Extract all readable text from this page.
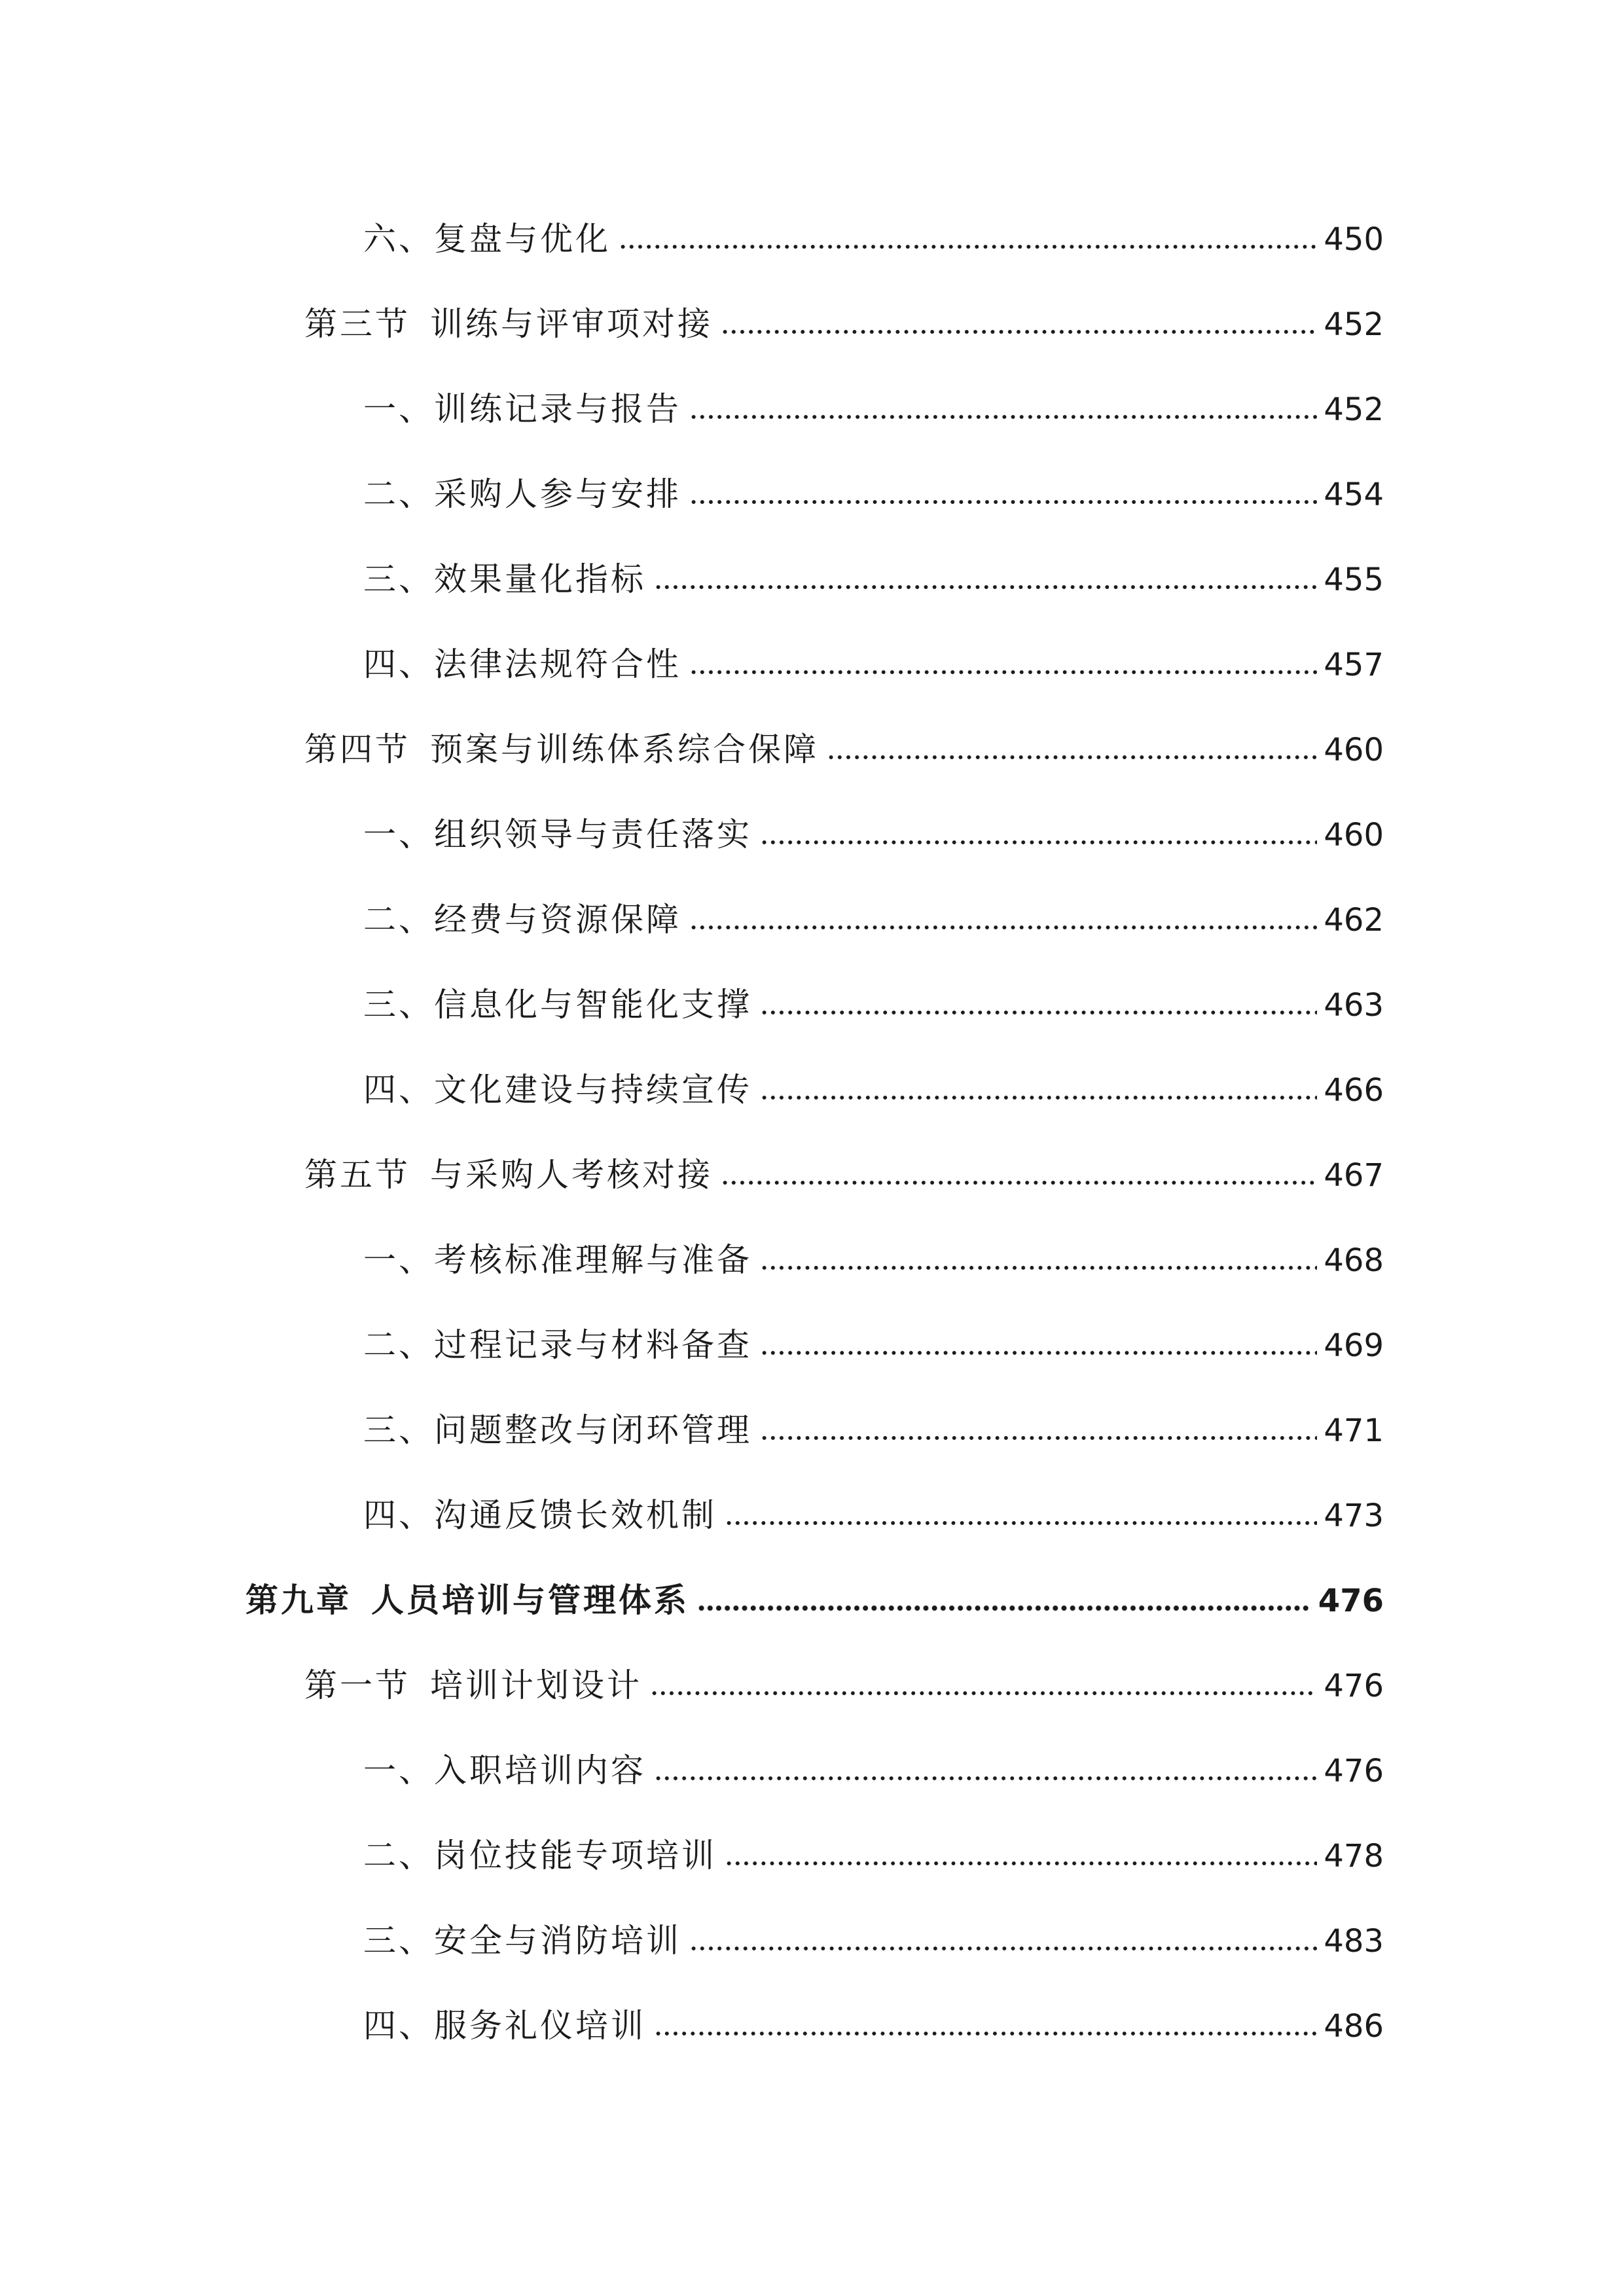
六、复盘与优化	450
第三节  训练与评审项对接	452
一、训练记录与报告	452
二、采购人参与安排	454
三、效果量化指标	455
四、法律法规符合性	457
第四节  预案与训练体系综合保障	460
一、组织领导与责任落实	460
二、经费与资源保障	462
三、信息化与智能化支撑	463
四、文化建设与持续宣传	466
第五节  与采购人考核对接	467
一、考核标准理解与准备	468
二、过程记录与材料备查	469
三、问题整改与闭环管理	471
四、沟通反馈长效机制	473
第九章  人员培训与管理体系	476
第一节  培训计划设计	476
一、入职培训内容	476
二、岗位技能专项培训	478
三、安全与消防培训	483
四、服务礼仪培训	486
